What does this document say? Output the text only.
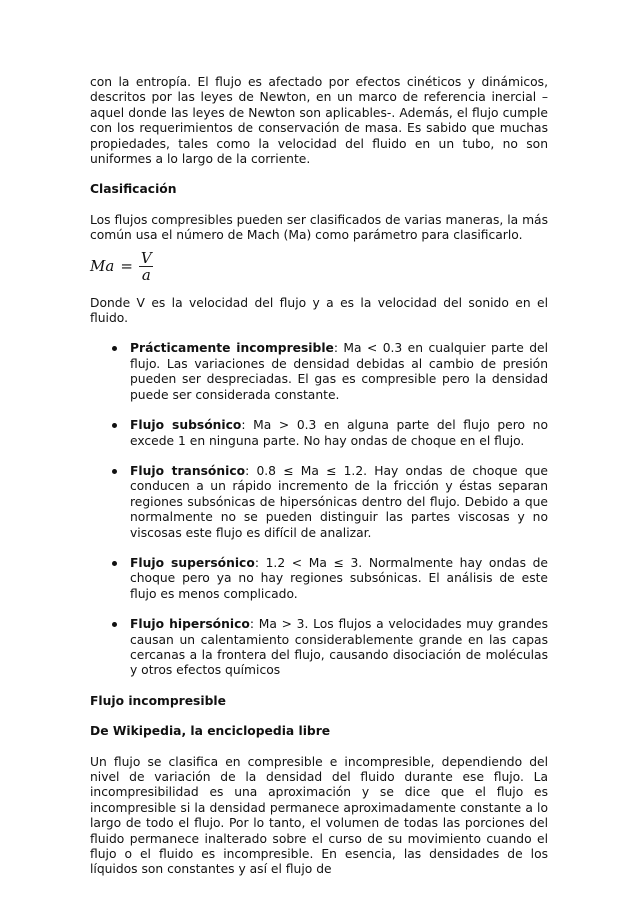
con la entropía. El flujo es afectado por efectos cinéticos y dinámicos, descritos por las leyes de Newton, en un marco de referencia inercial –aquel donde las leyes de Newton son aplicables-. Además, el flujo cumple con los requerimientos de conservación de masa. Es sabido que muchas propiedades, tales como la velocidad del fluido en un tubo, no son uniformes a lo largo de la corriente.

Clasificación

Los flujos compresibles pueden ser clasificados de varias maneras, la más común usa el número de Mach (Ma) como parámetro para clasificarlo.

$Ma = \frac{V}{a}$

Donde V es la velocidad del flujo y a es la velocidad del sonido en el fluido.

Prácticamente incompresible: Ma < 0.3 en cualquier parte del flujo. Las variaciones de densidad debidas al cambio de presión pueden ser despreciadas. El gas es compresible pero la densidad puede ser considerada constante.
Flujo subsónico: Ma > 0.3 en alguna parte del flujo pero no excede 1 en ninguna parte. No hay ondas de choque en el flujo.
Flujo transónico: 0.8 ≤ Ma ≤ 1.2. Hay ondas de choque que conducen a un rápido incremento de la fricción y éstas separan regiones subsónicas de hipersónicas dentro del flujo. Debido a que normalmente no se pueden distinguir las partes viscosas y no viscosas este flujo es difícil de analizar.
Flujo supersónico: 1.2 < Ma ≤ 3. Normalmente hay ondas de choque pero ya no hay regiones subsónicas. El análisis de este flujo es menos complicado.
Flujo hipersónico: Ma > 3. Los flujos a velocidades muy grandes causan un calentamiento considerablemente grande en las capas cercanas a la frontera del flujo, causando disociación de moléculas y otros efectos químicos

Flujo incompresible

De Wikipedia, la enciclopedia libre

Un flujo se clasifica en compresible e incompresible, dependiendo del nivel de variación de la densidad del fluido durante ese flujo. La incompresibilidad es una aproximación y se dice que el flujo es incompresible si la densidad permanece aproximadamente constante a lo largo de todo el flujo. Por lo tanto, el volumen de todas las porciones del fluido permanece inalterado sobre el curso de su movimiento cuando el flujo o el fluido es incompresible. En esencia, las densidades de los líquidos son constantes y así el flujo de
